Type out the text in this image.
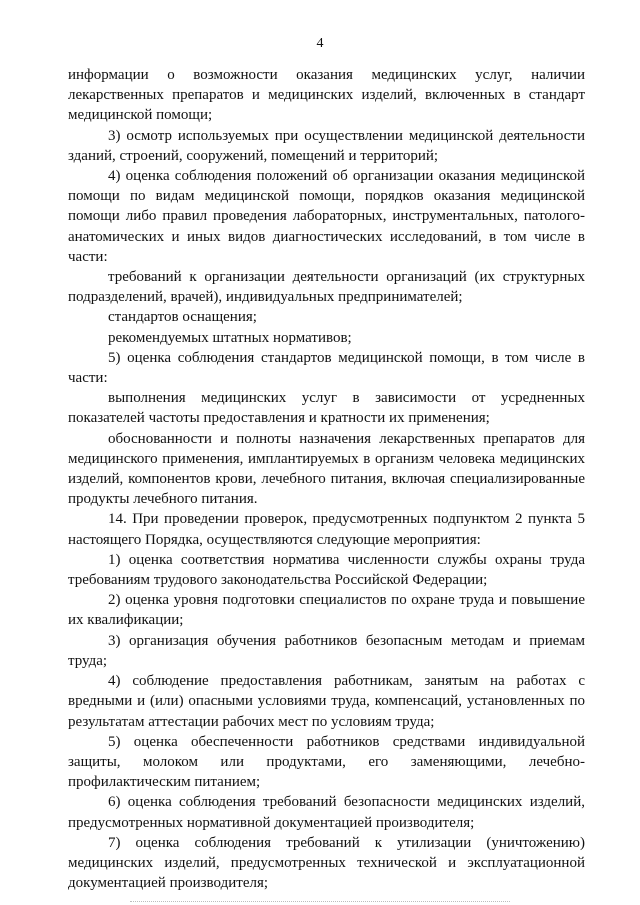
4

информации о возможности оказания медицинских услуг, наличии лекарственных препаратов и медицинских изделий, включенных в стандарт медицинской помощи;

3) осмотр используемых при осуществлении медицинской деятельности зданий, строений, сооружений, помещений и территорий;

4) оценка соблюдения положений об организации оказания медицинской помощи по видам медицинской помощи, порядков оказания медицинской помощи либо правил проведения лабораторных, инструментальных, патолого-анатомических и иных видов диагностических исследований, в том числе в части:

требований к организации деятельности организаций (их структурных подразделений, врачей), индивидуальных предпринимателей;

стандартов оснащения;

рекомендуемых штатных нормативов;

5) оценка соблюдения стандартов медицинской помощи, в том числе в части:

выполнения медицинских услуг в зависимости от усредненных показателей частоты предоставления и кратности их применения;

обоснованности и полноты назначения лекарственных препаратов для медицинского применения, имплантируемых в организм человека медицинских изделий, компонентов крови, лечебного питания, включая специализированные продукты лечебного питания.

14. При проведении проверок, предусмотренных подпунктом 2 пункта 5 настоящего Порядка, осуществляются следующие мероприятия:

1) оценка соответствия норматива численности службы охраны труда требованиям трудового законодательства Российской Федерации;

2) оценка уровня подготовки специалистов по охране труда и повышение их квалификации;

3) организация обучения работников безопасным методам и приемам труда;

4) соблюдение предоставления работникам, занятым на работах с вредными и (или) опасными условиями труда, компенсаций, установленных по результатам аттестации рабочих мест по условиям труда;

5) оценка обеспеченности работников средствами индивидуальной защиты, молоком или продуктами, его заменяющими, лечебно-профилактическим питанием;

6) оценка соблюдения требований безопасности медицинских изделий, предусмотренных нормативной документацией производителя;

7) оценка соблюдения требований к утилизации (уничтожению) медицинских изделий, предусмотренных технической и эксплуатационной документацией производителя;
